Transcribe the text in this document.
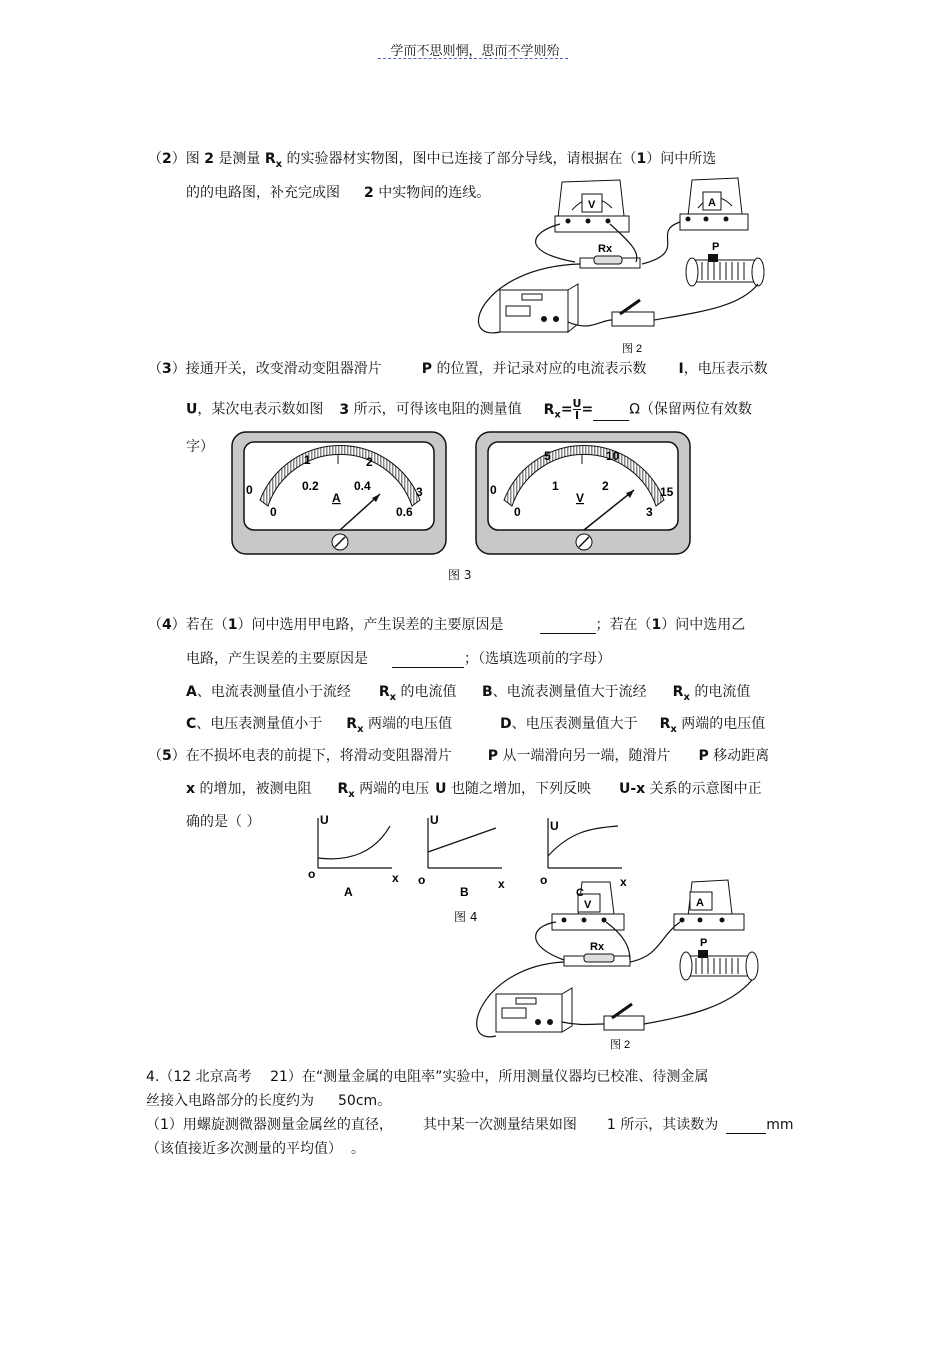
学而不思则惘，思而不学则殆
（2）图 2 是测量 $R_x$ 的实验器材实物图，图中已连接了部分导线，请根据在（1）问中所选
的的电路图，补充完成图 2 中实物间的连线。
V	A
Rx	P
图 2
（3）接通开关，改变滑动变阻器滑片	P 的位置，并记录对应的电流表示数 I，电压表示数
U，某次电表示数如图 3 所示，可得该电阻的测量值 $R_x= \frac{U}{I}$ =	Ω（保留两位有效数
字）
0
1	2
3
0
0.2	0.4
0.6
A
0
5	10
15
0
1	2
3
V
图 3
（4）若在（1）问中选用甲电路，产生误差的主要原因是	；若在（1）问中选用乙
电路，产生误差的主要原因是	；（选填选项前的字母）
A、电流表测量值小于流经 $R_x$ 的电流值 B、电流表测量值大于流经 $R_x$ 的电流值
C、电压表测量值小于 $R_x$ 两端的电压值	D、电压表测量值大于 $R_x$ 两端的电压值
（5）在不损坏电表的前提下，将滑动变阻器滑片	P 从一端滑向另一端，随滑片 P 移动距离
x 的增加，被测电阻 $R_x$ 两端的电压 U 也随之增加，下列反映 U-x 关系的示意图中正
确的是（ ）	U
x
o
A
U
x
o
B
U
x
o
图 4
V
C
A
Rx	P
图 2
4.（12 北京高考 21）在“测量金属的电阻率”实验中，所用测量仪器均已校准、待测金属
丝接入电路部分的长度约为 50cm。
（1）用螺旋测微器测量金属丝的直径， 其中某一次测量结果如图 1 所示，其读数为	mm
（该值接近多次测量的平均值） 。
